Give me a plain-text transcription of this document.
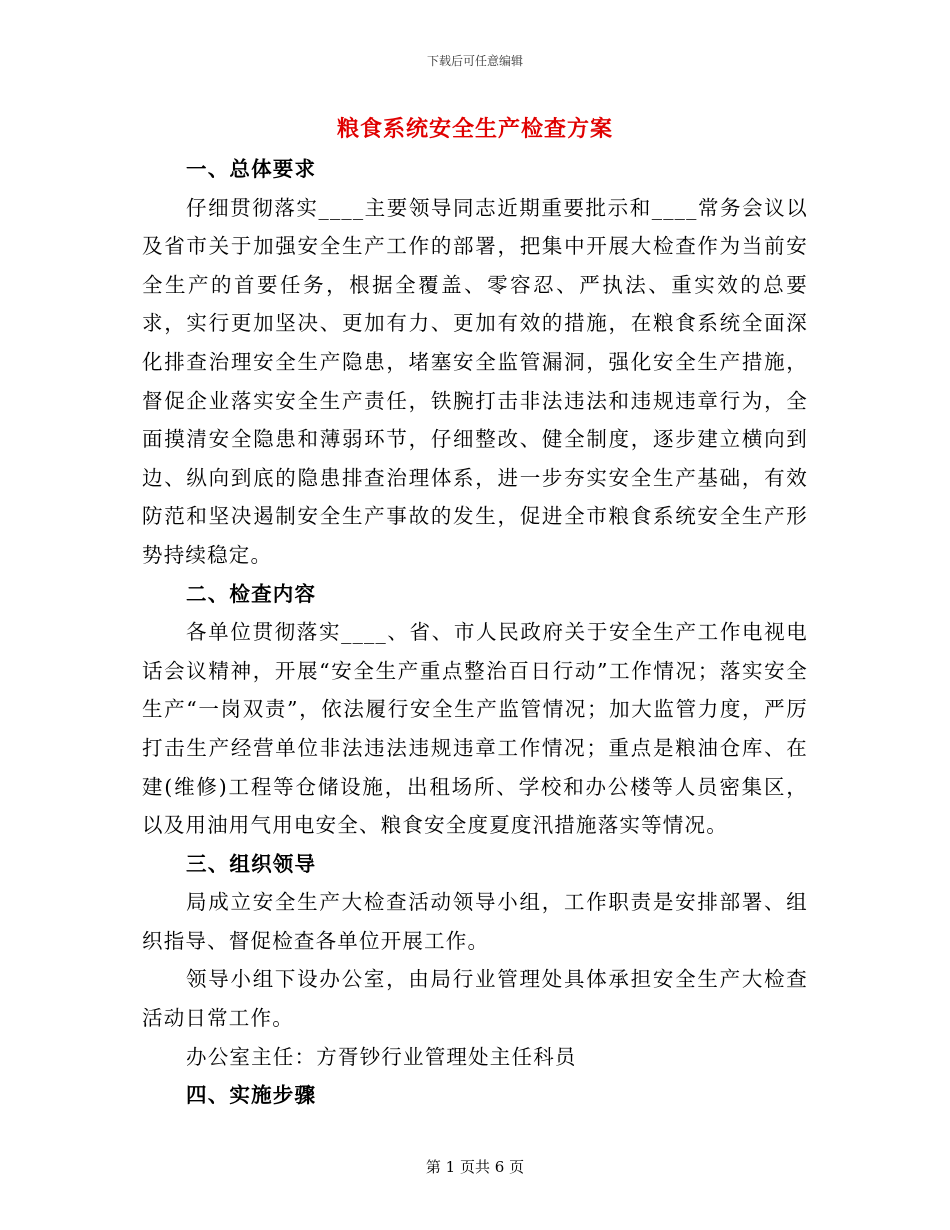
下载后可任意编辑
粮食系统安全生产检查方案

一、总体要求

仔细贯彻落实____主要领导同志近期重要批示和____常务会议以及省市关于加强安全生产工作的部署，把集中开展大检查作为当前安全生产的首要任务，根据全覆盖、零容忍、严执法、重实效的总要求，实行更加坚决、更加有力、更加有效的措施，在粮食系统全面深化排查治理安全生产隐患，堵塞安全监管漏洞，强化安全生产措施，督促企业落实安全生产责任，铁腕打击非法违法和违规违章行为，全面摸清安全隐患和薄弱环节，仔细整改、健全制度，逐步建立横向到边、纵向到底的隐患排查治理体系，进一步夯实安全生产基础，有效防范和坚决遏制安全生产事故的发生，促进全市粮食系统安全生产形势持续稳定。

二、检查内容

各单位贯彻落实____、省、市人民政府关于安全生产工作电视电话会议精神，开展“安全生产重点整治百日行动”工作情况；落实安全生产“一岗双责”，依法履行安全生产监管情况；加大监管力度，严厉打击生产经营单位非法违法违规违章工作情况；重点是粮油仓库、在建(维修)工程等仓储设施，出租场所、学校和办公楼等人员密集区，以及用油用气用电安全、粮食安全度夏度汛措施落实等情况。

三、组织领导

局成立安全生产大检查活动领导小组，工作职责是安排部署、组织指导、督促检查各单位开展工作。

领导小组下设办公室，由局行业管理处具体承担安全生产大检查活动日常工作。

办公室主任：方胥钞行业管理处主任科员

四、实施步骤

第 1 页共 6 页
